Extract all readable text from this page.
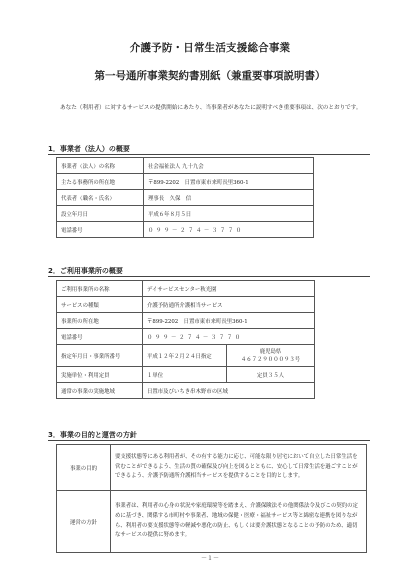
介護予防・日常生活支援総合事業
第一号通所事業契約書別紙（兼重要事項説明書）
あなた（利用者）に対するサービスの提供開始にあたり、当事業者があなたに説明すべき重要事項は、次のとおりです。
1．事業者（法人）の概要
事業者（法人）の名称	社会福祉法人 九十九会
主たる事務所の所在地	〒899-2202　日置市東市来町長里360-1
代表者（職名・氏名）	理事長　久保　信
設立年月日	平成６年８月５日
電話番号	０９９－２７４－３７７０
2．ご利用事業所の概要
ご利用事業所の名称	デイサービスセンター秋光園	
サービスの種類	介護予防通所介護相当サービス	
事業所の所在地	〒899-2202　日置市東市来町長里360-1	
電話番号	０９９－２７４－３７７０	
指定年月日・事業所番号	平成１２年２月２４日指定	鹿児島県
４６７２９０００９３号

実施単位・利用定員	１単位	定員３５人
通常の事業の実施地域	日置市及びいちき串木野市の区域	
3．事業の目的と運営の方針
事業の目的	要支援状態等にある利用者が、その有する能力に応じ、可能な限り居宅において自立した日常生活を営むことができるよう、生活の質の確保及び向上を図るとともに、安心して日常生活を過ごすことができるよう、介護予防通所介護相当サービスを提供することを目的とします。
運営の方針	事業者は、利用者の心身の状況や家庭環境等を踏まえ、介護保険法その他関係法令及びこの契約の定めに基づき、関係する市町村や事業者、地域の保健・医療・福祉サービス等と綿密な連携を図りながら、利用者の要支援状態等の軽減や悪化の防止、もしくは要介護状態となることの予防のため、適切なサービスの提供に努めます。
－１－
